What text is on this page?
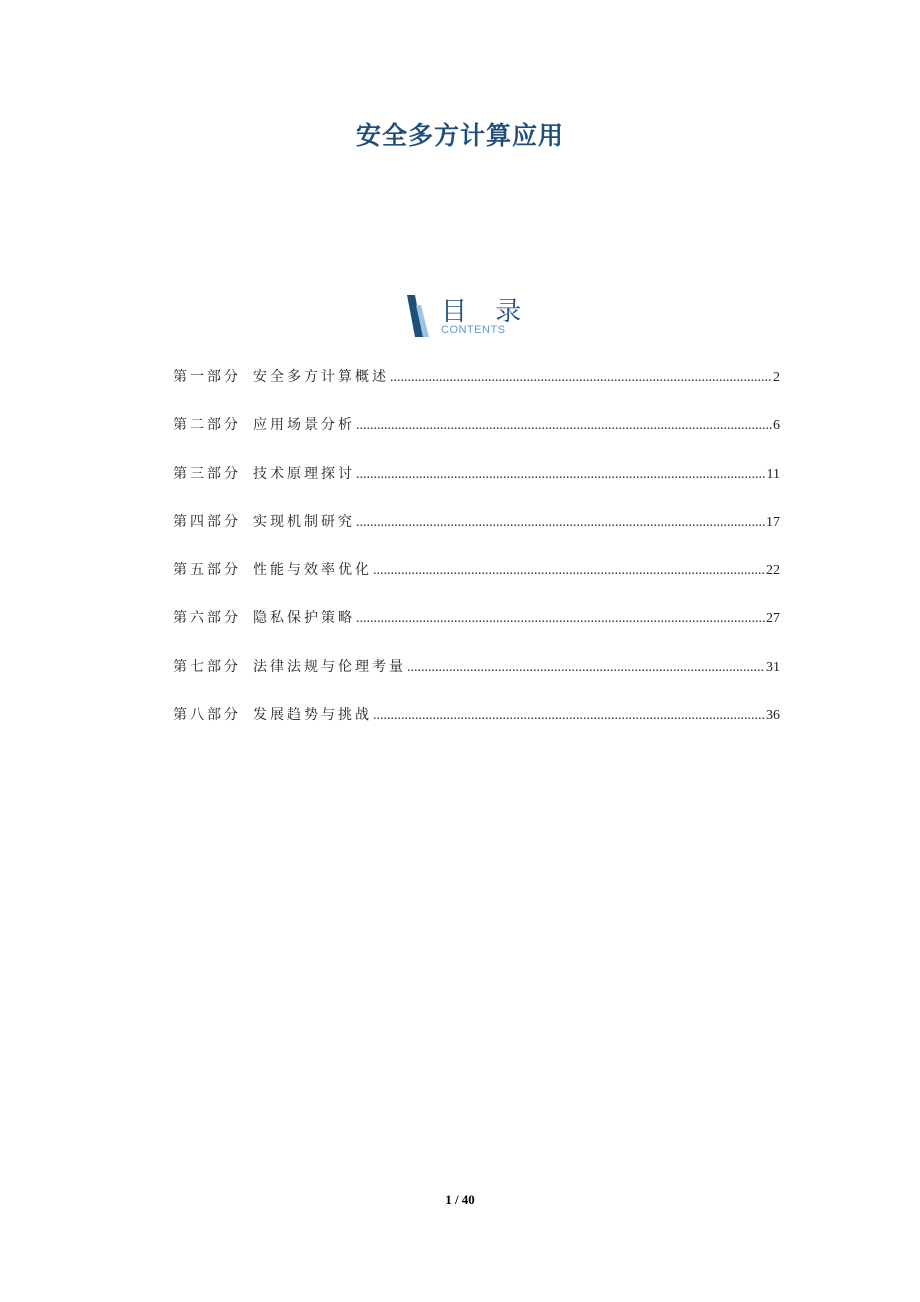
安全多方计算应用
目 录
CONTENTS
第一部分 安全多方计算概述 .....	2
第二部分 应用场景分析 .....	6
第三部分 技术原理探讨 .....	11
第四部分 实现机制研究 .....	17
第五部分 性能与效率优化 .....	22
第六部分 隐私保护策略 .....	27
第七部分 法律法规与伦理考量 .....	31
第八部分 发展趋势与挑战 .....	36
1 / 40
